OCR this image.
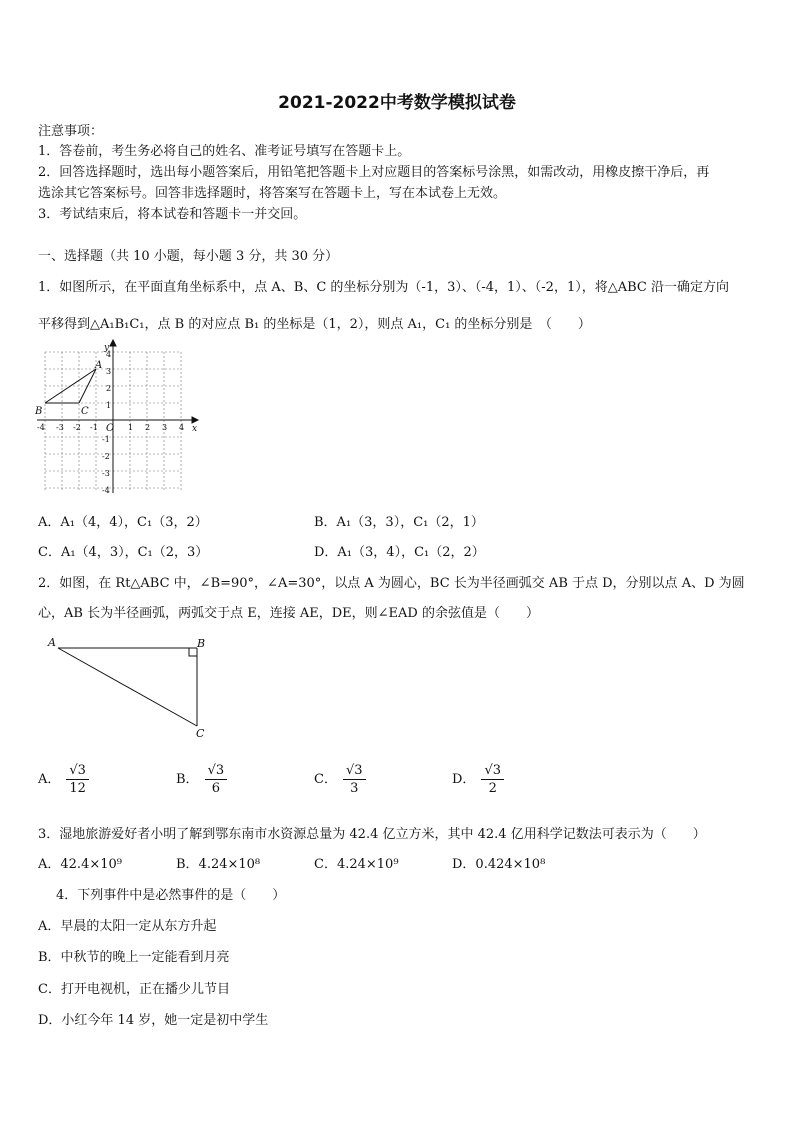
2021-2022中考数学模拟试卷
注意事项：
1．答卷前，考生务必将自己的姓名、准考证号填写在答题卡上。
2．回答选择题时，选出每小题答案后，用铅笔把答题卡上对应题目的答案标号涂黑，如需改动，用橡皮擦干净后，再
选涂其它答案标号。回答非选择题时，将答案写在答题卡上，写在本试卷上无效。
3．考试结束后，将本试卷和答题卡一并交回。
一、选择题（共 10 小题，每小题 3 分，共 30 分）
1．如图所示，在平面直角坐标系中，点 A、B、C 的坐标分别为（-1，3）、（-4，1）、（-2，1），将△ABC 沿一确定方向
平移得到△A₁B₁C₁，点 B 的对应点 B₁ 的坐标是（1，2），则点 A₁，C₁ 的坐标分别是　（　　）
-4 -3 -2 -1 O 1 2 3 4 x
y
4
3
2
1
-1
-2
-3
-4
A
B	C
A．A₁（4，4），C₁（3，2）	B．A₁（3，3），C₁（2，1）
C．A₁（4，3），C₁（2，3）	D．A₁（3，4），C₁（2，2）
2．如图，在 Rt△ABC 中，∠B=90°，∠A=30°，以点 A 为圆心，BC 长为半径画弧交 AB 于点 D，分别以点 A、D 为圆
心，AB 长为半径画弧，两弧交于点 E，连接 AE，DE，则∠EAD 的余弦值是（　　）
A	B
C
A． $\frac{√3}{12}$	B． $\frac{√3}{6}$	C． $\frac{√3}{3}$	D． $\frac{√3}{2}$
3．湿地旅游爱好者小明了解到鄂东南市水资源总量为 42.4 亿立方米，其中 42.4 亿用科学记数法可表示为（　　）
A．42.4×10⁹	B．4.24×10⁸	C．4.24×10⁹	D．0.424×10⁸
4．下列事件中是必然事件的是（　　）
A．早晨的太阳一定从东方升起
B．中秋节的晚上一定能看到月亮
C．打开电视机，正在播少儿节目
D．小红今年 14 岁，她一定是初中学生
